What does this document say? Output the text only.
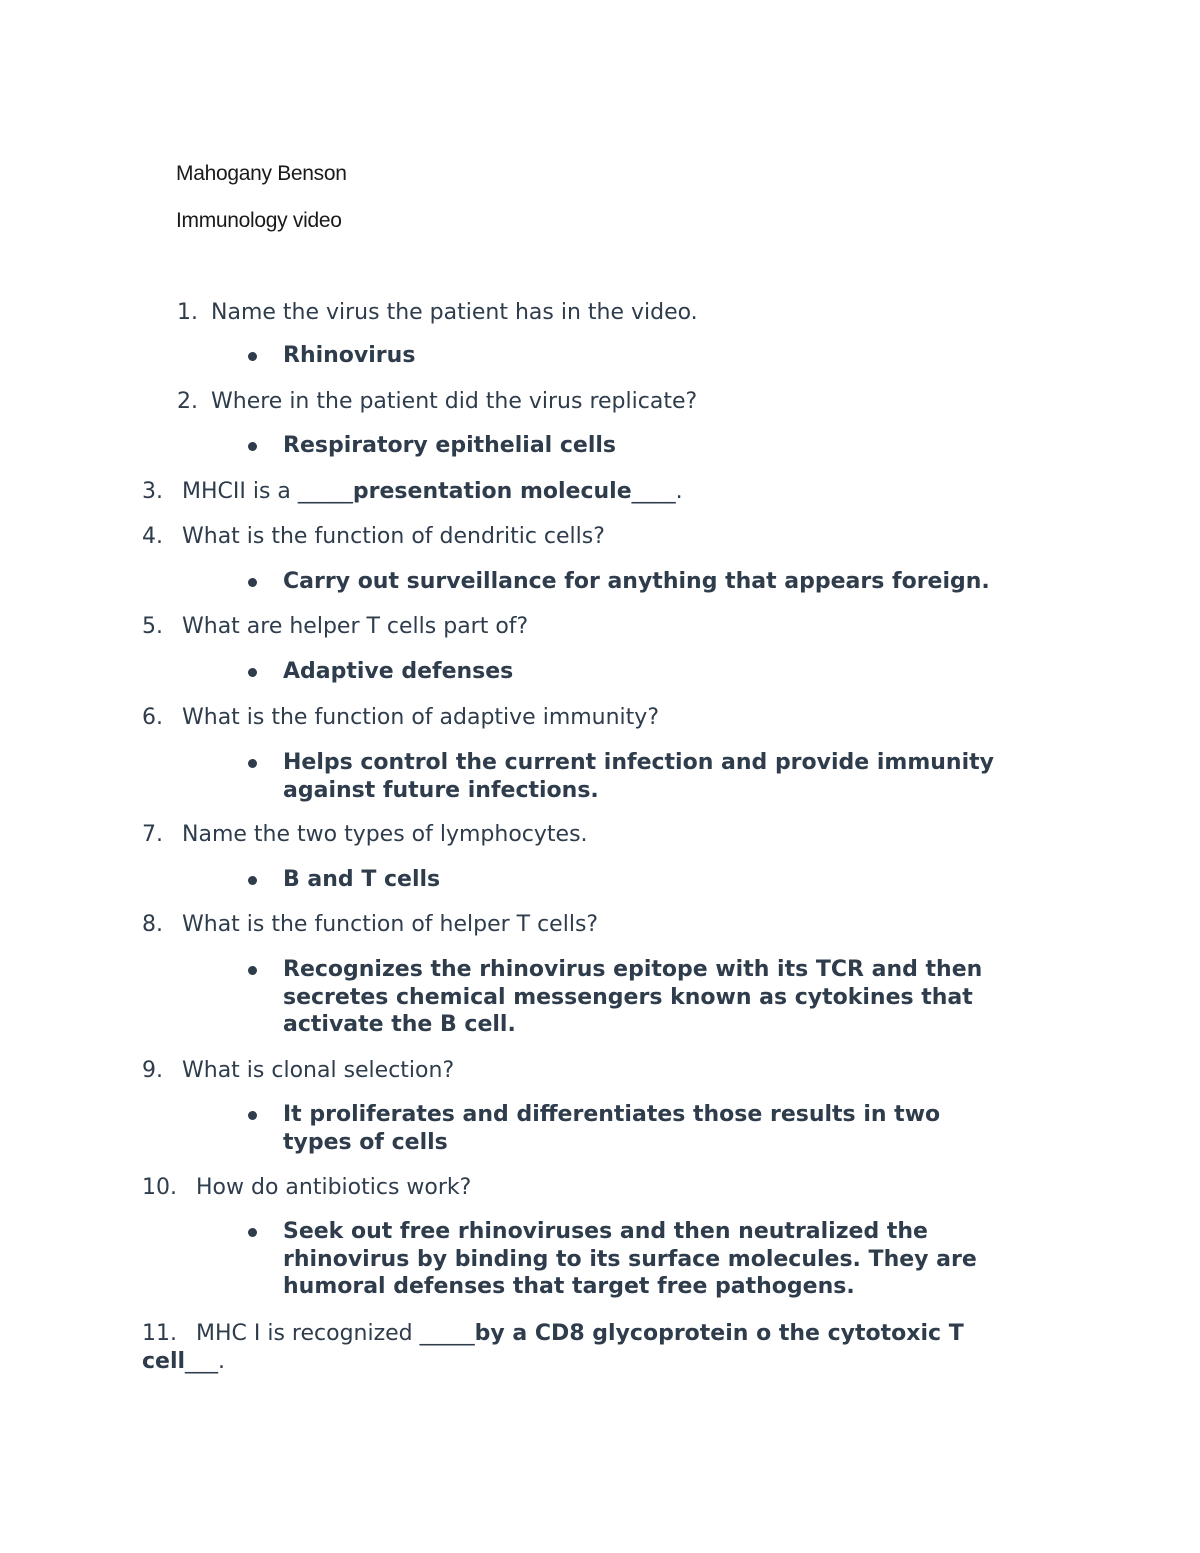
Mahogany Benson
Immunology video
1. Name the virus the patient has in the video.
Rhinovirus
2. Where in the patient did the virus replicate?
Respiratory epithelial cells
3. MHCII is a _____presentation molecule____.
4. What is the function of dendritic cells?
Carry out surveillance for anything that appears foreign.
5. What are helper T cells part of?
Adaptive defenses
6. What is the function of adaptive immunity?
Helps control the current infection and provide immunity
against future infections.
7. Name the two types of lymphocytes.
B and T cells
8. What is the function of helper T cells?
Recognizes the rhinovirus epitope with its TCR and then
secretes chemical messengers known as cytokines that
activate the B cell.
9. What is clonal selection?
It proliferates and differentiates those results in two
types of cells
10. How do antibiotics work?
Seek out free rhinoviruses and then neutralized the
rhinovirus by binding to its surface molecules. They are
humoral defenses that target free pathogens.
11. MHC I is recognized _____by a CD8 glycoprotein o the cytotoxic T
cell___.
